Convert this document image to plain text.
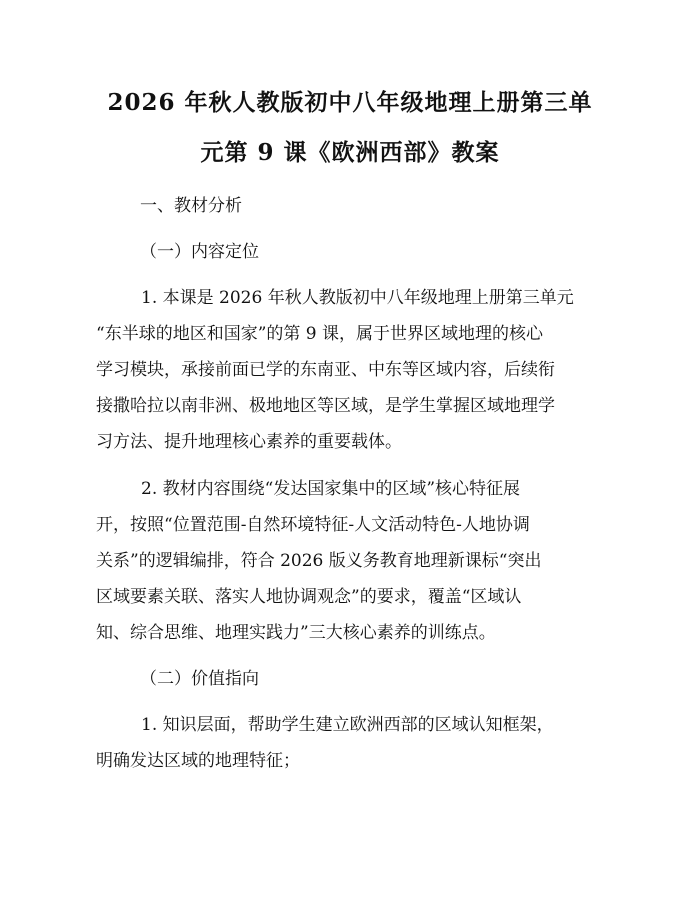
2026 年秋人教版初中八年级地理上册第三单
元第 9 课《欧洲西部》教案
一、教材分析
（一）内容定位
1. 本课是 2026 年秋人教版初中八年级地理上册第三单元
“东半球的地区和国家”的第 9 课，属于世界区域地理的核心
学习模块，承接前面已学的东南亚、中东等区域内容，后续衔
接撒哈拉以南非洲、极地地区等区域，是学生掌握区域地理学
习方法、提升地理核心素养的重要载体。
2. 教材内容围绕“发达国家集中的区域”核心特征展
开，按照“位置范围-自然环境特征-人文活动特色-人地协调
关系”的逻辑编排，符合 2026 版义务教育地理新课标“突出
区域要素关联、落实人地协调观念”的要求，覆盖“区域认
知、综合思维、地理实践力”三大核心素养的训练点。
（二）价值指向
1. 知识层面，帮助学生建立欧洲西部的区域认知框架，
明确发达区域的地理特征；
